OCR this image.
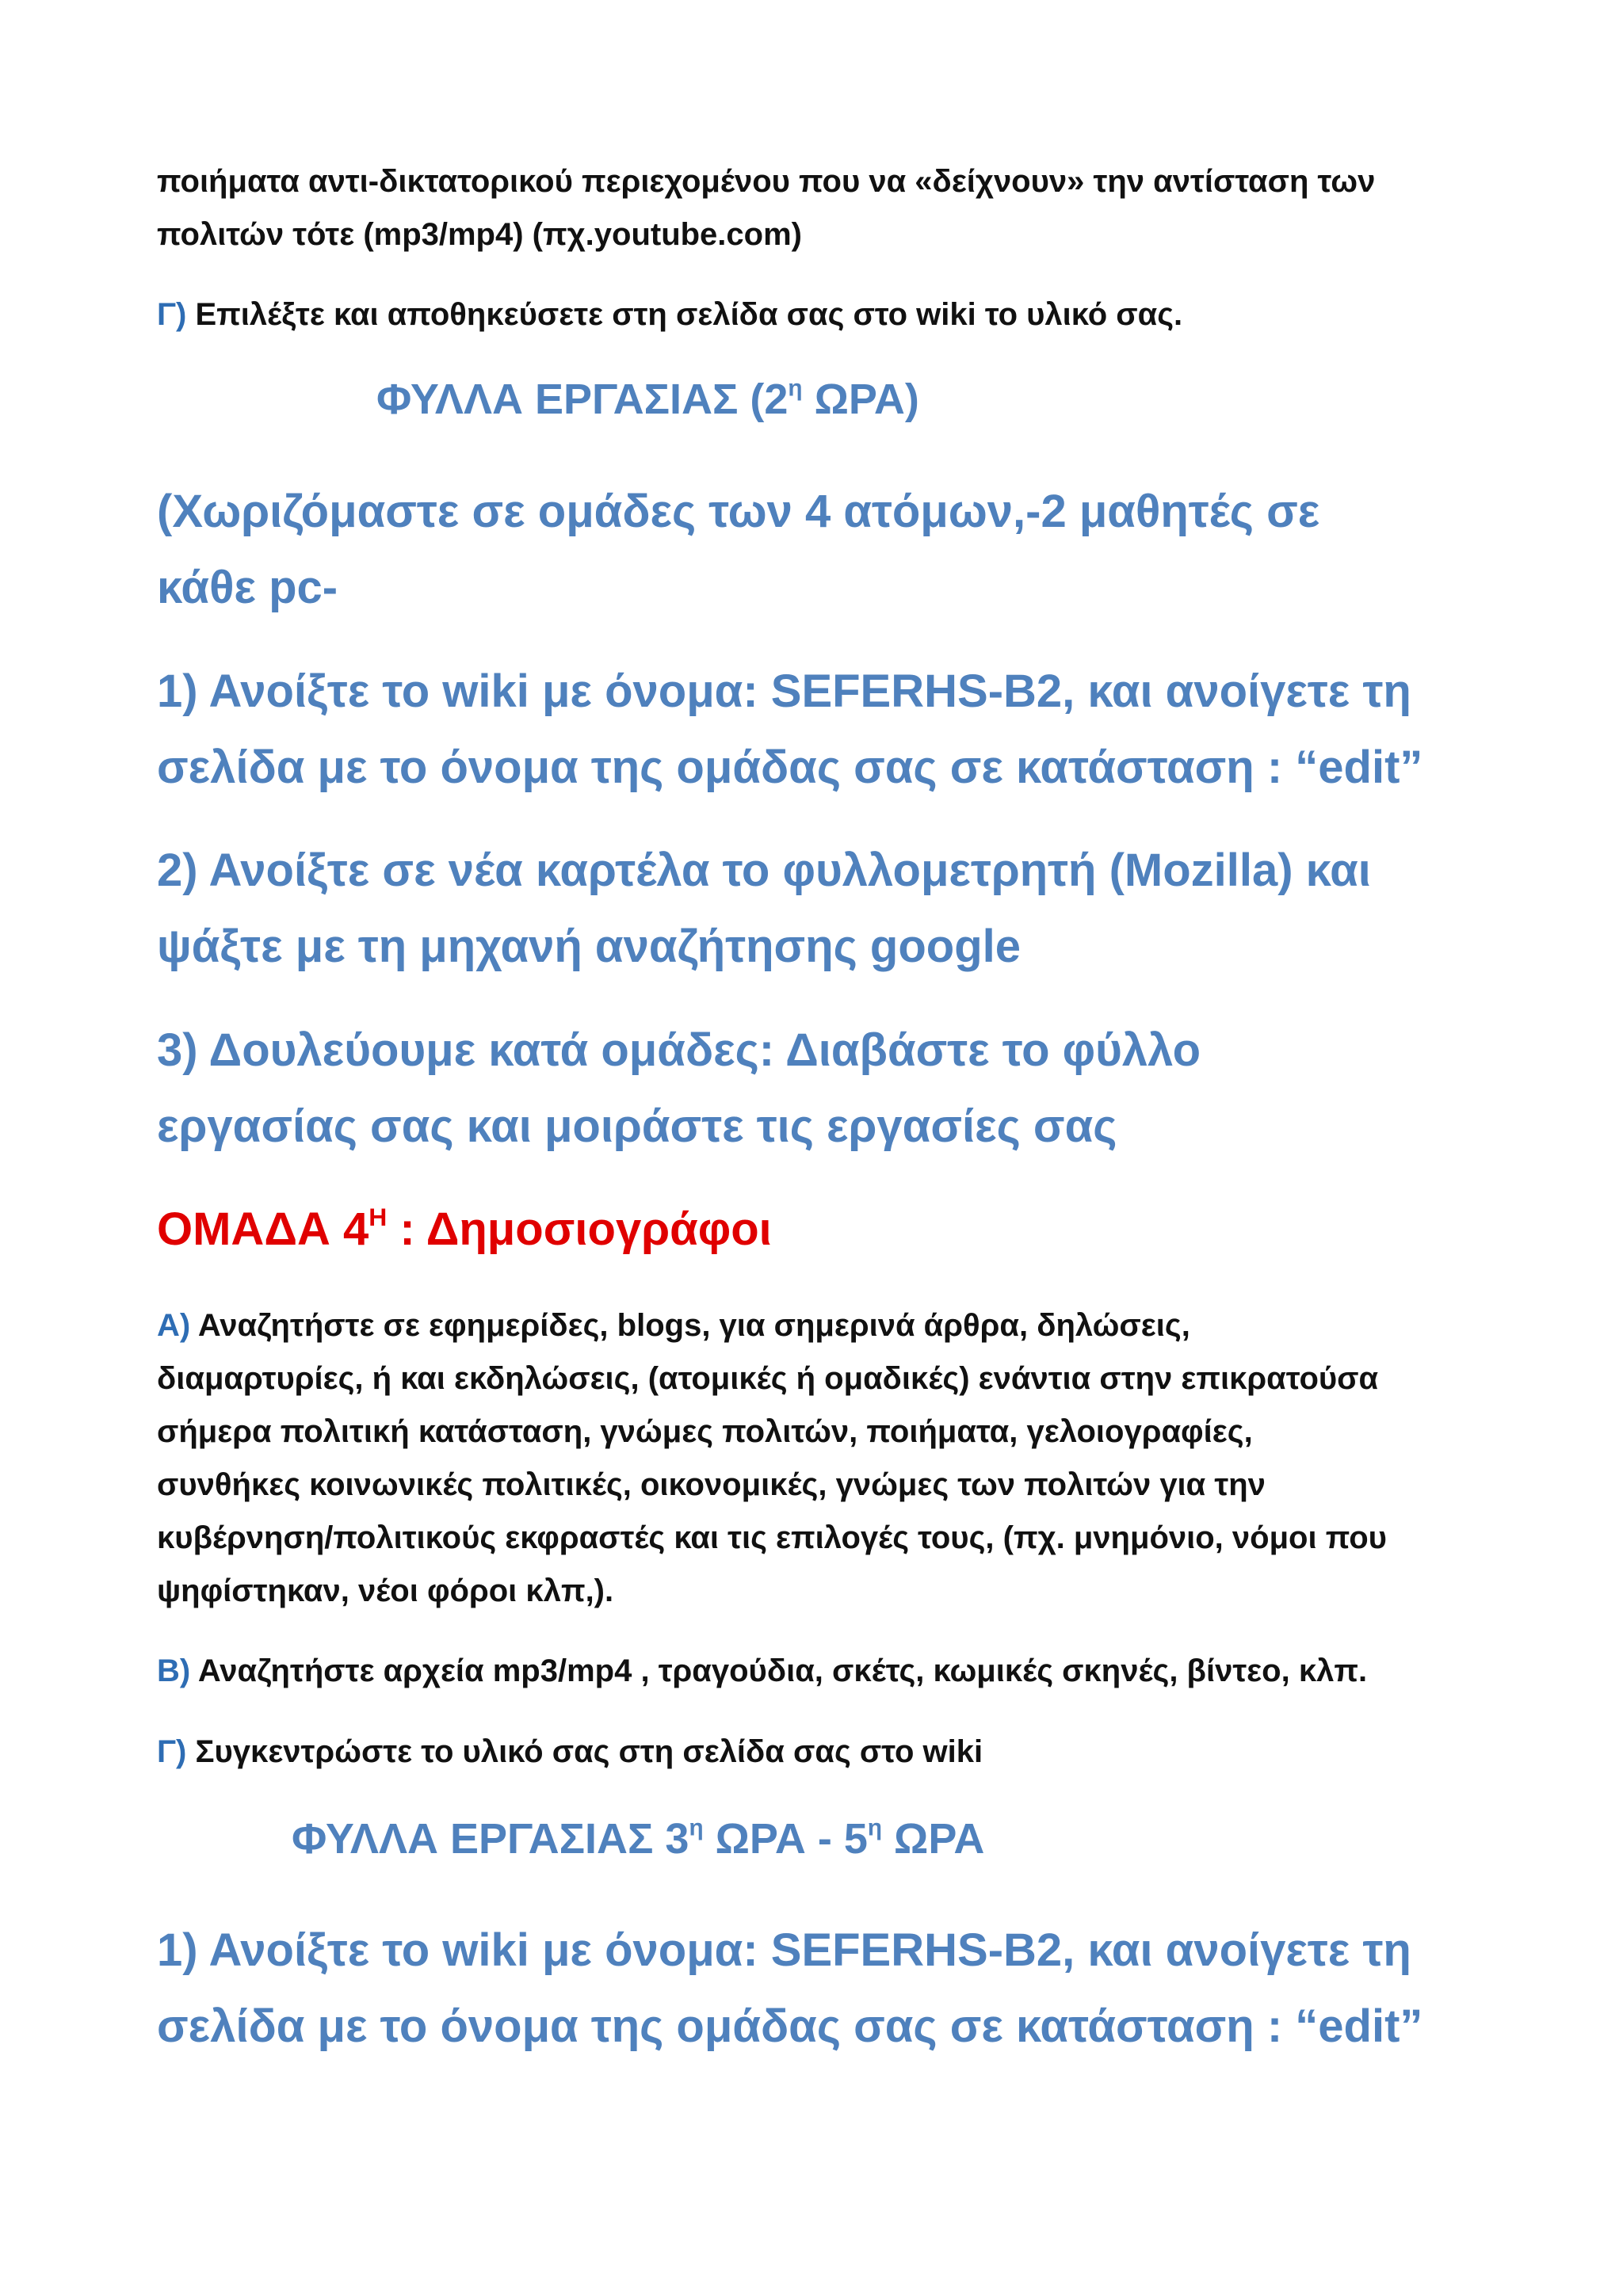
ποιήματα αντι-δικτατορικού περιεχομένου που να «δείχνουν» την αντίσταση των
πολιτών τότε (mp3/mp4) (πχ.youtube.com)
Γ) Επιλέξτε και αποθηκεύσετε στη σελίδα σας στο wiki το υλικό σας.
ΦΥΛΛΑ ΕΡΓΑΣΙΑΣ ($2^\eta$ ΩΡΑ)
(Χωριζόμαστε σε ομάδες των 4 ατόμων,-2 μαθητές σε
κάθε pc-
1) Ανοίξτε το wiki με όνομα: SEFERHS-B2, και ανοίγετε τη
σελίδα με το όνομα της ομάδας σας σε κατάσταση : “edit”
2) Ανοίξτε σε νέα καρτέλα το φυλλομετρητή (Mozilla) και
ψάξτε με τη μηχανή αναζήτησης google
3) Δουλεύουμε κατά ομάδες: Διαβάστε το φύλλο
εργασίας σας και μοιράστε τις εργασίες σας
ΟΜΑΔΑ $4^H$ : Δημοσιογράφοι
Α) Αναζητήστε σε εφημερίδες, blogs, για σημερινά άρθρα, δηλώσεις,
διαμαρτυρίες, ή και εκδηλώσεις, (ατομικές ή ομαδικές) ενάντια στην επικρατούσα
σήμερα πολιτική κατάσταση, γνώμες πολιτών, ποιήματα, γελοιογραφίες,
συνθήκες κοινωνικές πολιτικές, οικονομικές, γνώμες των πολιτών για την
κυβέρνηση/πολιτικούς εκφραστές και τις επιλογές τους, (πχ. μνημόνιο, νόμοι που
ψηφίστηκαν, νέοι φόροι κλπ,).
Β) Αναζητήστε αρχεία mp3/mp4 , τραγούδια, σκέτς, κωμικές σκηνές, βίντεο, κλπ.
Γ) Συγκεντρώστε το υλικό σας στη σελίδα σας στο wiki
ΦΥΛΛΑ ΕΡΓΑΣΙΑΣ $3^\eta$ ΩΡΑ - $5^\eta$ ΩΡΑ
1) Ανοίξτε το wiki με όνομα: SEFERHS-B2, και ανοίγετε τη
σελίδα με το όνομα της ομάδας σας σε κατάσταση : “edit”
